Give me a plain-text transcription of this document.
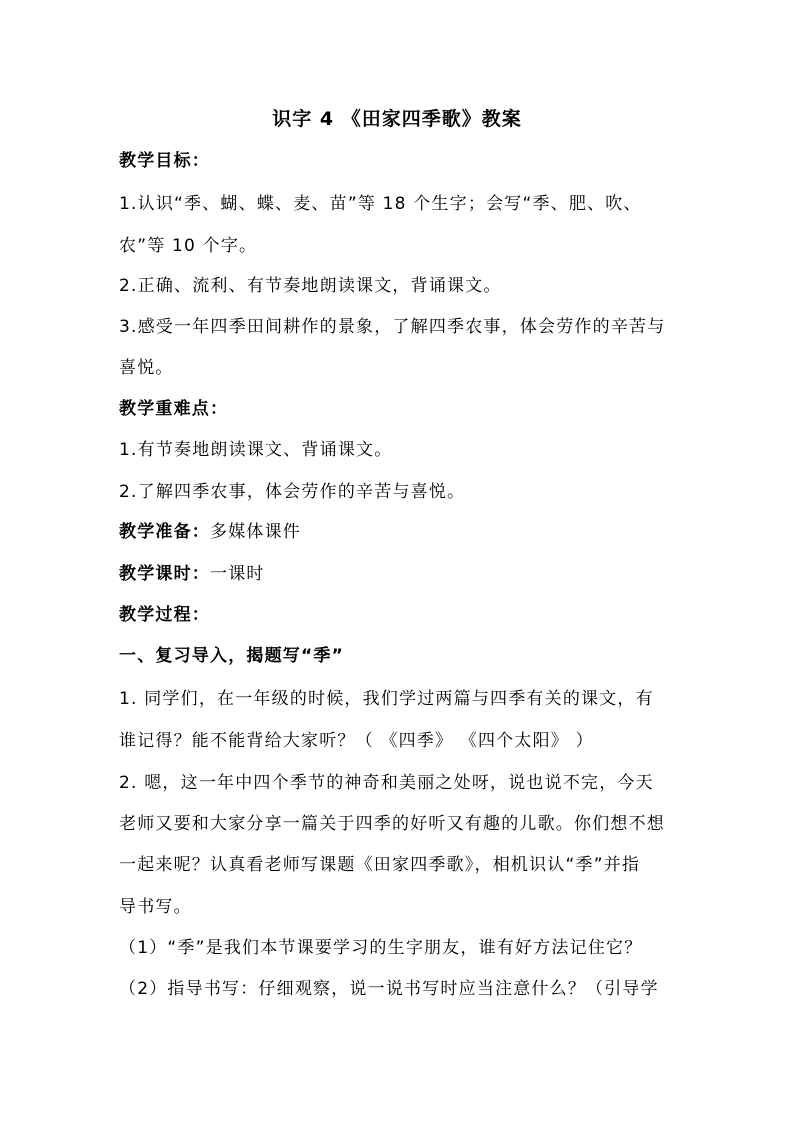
识字 4 《田家四季歌》教案
教学目标：
1.认识“季、蝴、蝶、麦、苗”等 18 个生字；会写“季、肥、吹、
农”等 10 个字。
2.正确、流利、有节奏地朗读课文，背诵课文。
3.感受一年四季田间耕作的景象，了解四季农事，体会劳作的辛苦与
喜悦。
教学重难点：
1.有节奏地朗读课文、背诵课文。
2.了解四季农事，体会劳作的辛苦与喜悦。
教学准备：多媒体课件
教学课时：一课时
教学过程：
一、复习导入，揭题写“季”
1. 同学们，在一年级的时候，我们学过两篇与四季有关的课文，有
谁记得？能不能背给大家听？（ 《四季》 《四个太阳》 ）
2. 嗯，这一年中四个季节的神奇和美丽之处呀，说也说不完，今天
老师又要和大家分享一篇关于四季的好听又有趣的儿歌。你们想不想
一起来呢？认真看老师写课题《田家四季歌》，相机识认“季”并指
导书写。
（1）“季”是我们本节课要学习的生字朋友，谁有好方法记住它？
（2）指导书写：仔细观察，说一说书写时应当注意什么？（引导学
